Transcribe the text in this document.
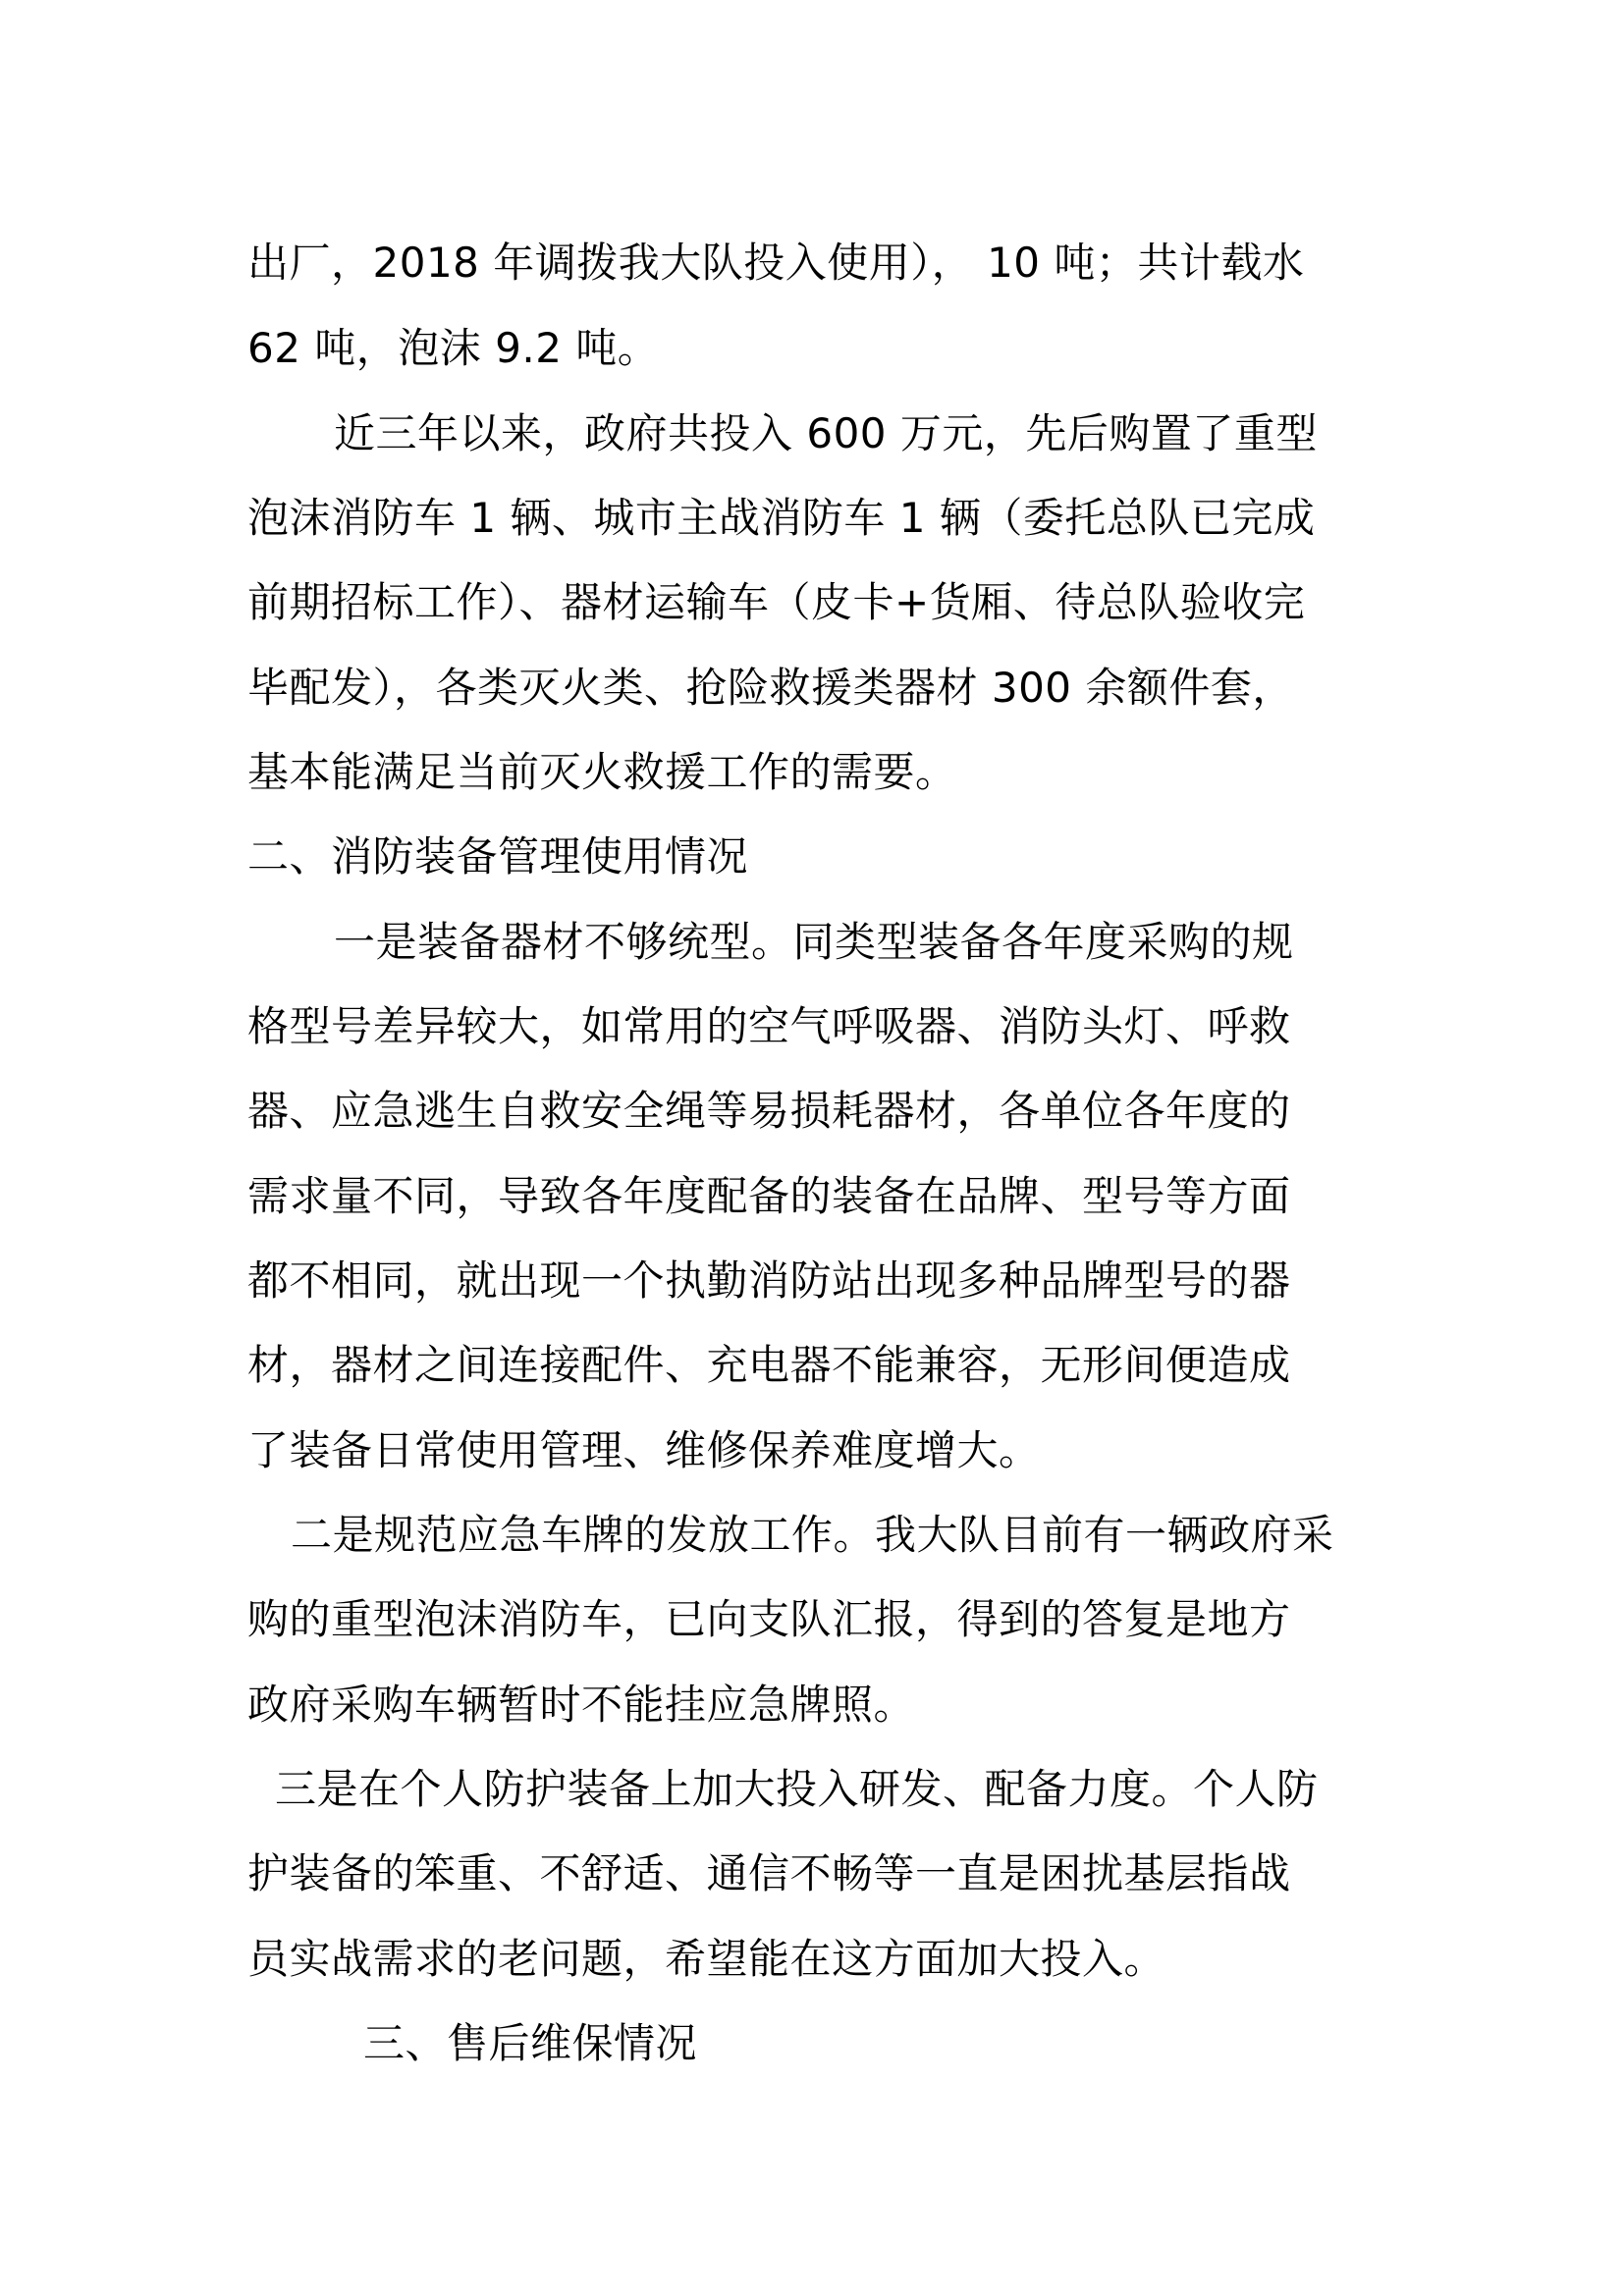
出厂，2018 年调拨我大队投入使用）， 10 吨；共计载水
62 吨，泡沫 9.2 吨。
近三年以来，政府共投入 600 万元，先后购置了重型
泡沫消防车 1 辆、城市主战消防车 1 辆（委托总队已完成
前期招标工作）、器材运输车（皮卡+货厢、待总队验收完
毕配发），各类灭火类、抢险救援类器材 300 余额件套，
基本能满足当前灭火救援工作的需要。
二、消防装备管理使用情况
一是装备器材不够统型。同类型装备各年度采购的规
格型号差异较大，如常用的空气呼吸器、消防头灯、呼救
器、应急逃生自救安全绳等易损耗器材，各单位各年度的
需求量不同，导致各年度配备的装备在品牌、型号等方面
都不相同，就出现一个执勤消防站出现多种品牌型号的器
材，器材之间连接配件、充电器不能兼容，无形间便造成
了装备日常使用管理、维修保养难度增大。
二是规范应急车牌的发放工作。我大队目前有一辆政府采
购的重型泡沫消防车，已向支队汇报，得到的答复是地方
政府采购车辆暂时不能挂应急牌照。
三是在个人防护装备上加大投入研发、配备力度。个人防
护装备的笨重、不舒适、通信不畅等一直是困扰基层指战
员实战需求的老问题，希望能在这方面加大投入。
三、售后维保情况
